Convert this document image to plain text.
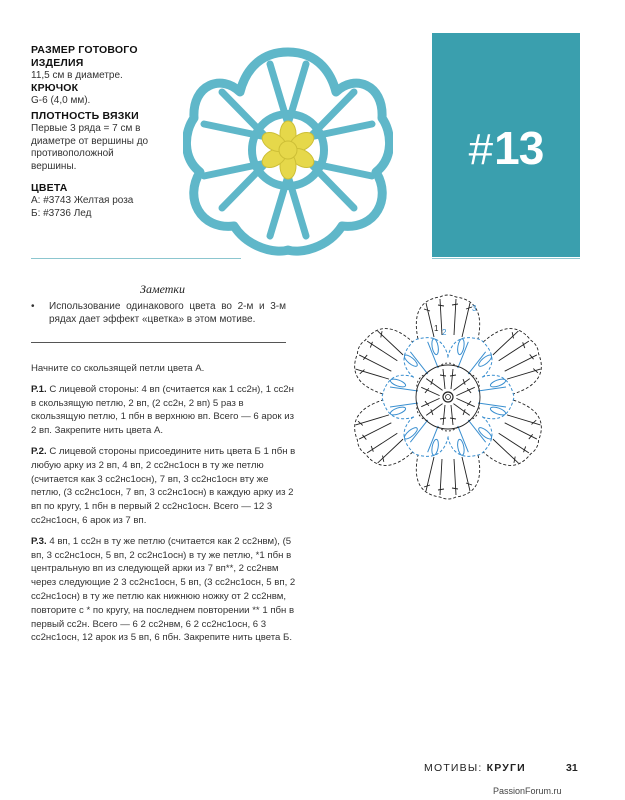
РАЗМЕР ГОТОВОГО ИЗДЕЛИЯ
11,5 см в диаметре.
КРЮЧОК
G-6 (4,0 мм).
ПЛОТНОСТЬ ВЯЗКИ
Первые 3 ряда = 7 см в диаметре от вершины до противоположной вершины.
ЦВЕТА
А: #3743 Желтая роза
Б: #3736 Лед
#13
Заметки
• Использование одинакового цвета во 2-м и 3-м рядах дает эффект «цветка» в этом мотиве.

Начните со скользящей петли цвета А.

Р.1. С лицевой стороны: 4 вп (считается как 1 сс2н), 1 сс2н в скользящую петлю, 2 вп, (2 сс2н, 2 вп) 5 раз в скользящую петлю, 1 пбн в верхнюю вп. Всего — 6 арок из 2 вп. Закрепите нить цвета А.

Р.2. С лицевой стороны присоедините нить цвета Б 1 пбн в любую арку из 2 вп, 4 вп, 2 сс2нс1осн в ту же петлю (считается как 3 сс2нс1осн), 7 вп, 3 сс2нс1осн вту же петлю, (3 сс2нс1осн, 7 вп, 3 сс2нс1осн) в каждую арку из 2 вп по кругу, 1 пбн в первый 2 сс2нс1осн. Всего — 12 3 сс2нс1осн, 6 арок из 7 вп.

Р.3. 4 вп, 1 сс2н в ту же петлю (считается как 2 сс2нвм), (5 вп, 3 сс2нс1осн, 5 вп, 2 сс2нс1осн) в ту же петлю, *1 пбн в центральную вп из следующей арки из 7 вп**, 2 сс2нвм через следующие 2 3 сс2нс1осн, 5 вп, (3 сс2нс1осн, 5 вп, 2 сс2нс1осн) в ту же петлю как нижнюю ножку от 2 сс2нвм, повторите с * по кругу, на последнем повторении ** 1 пбн в первый сс2н. Всего — 6 2 сс2нвм, 6 2 сс2нс1осн, 6 3 сс2нс1осн, 12 арок из 5 вп, 6 пбн. Закрепите нить цвета Б.

1 2
3
МОТИВЫ: КРУГИ	31
PassionForum.ru
